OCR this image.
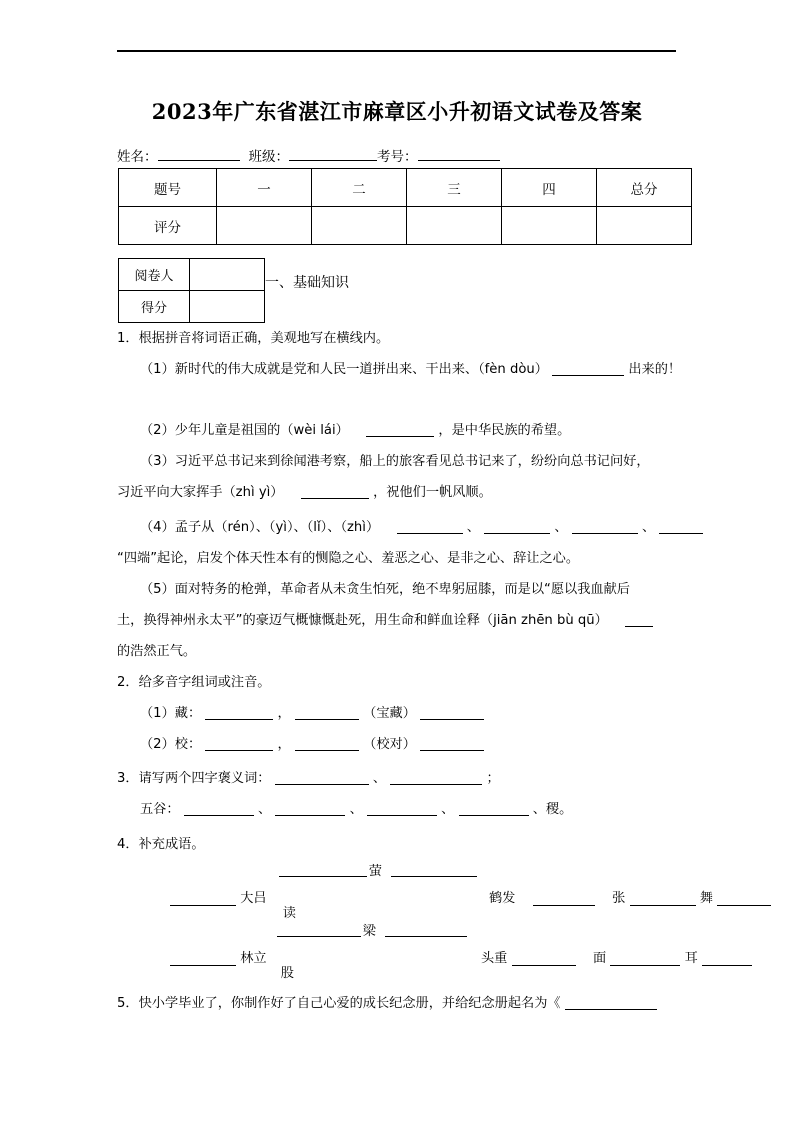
2023年广东省湛江市麻章区小升初语文试卷及答案
姓名：	班级：	考号：
题号	一	二	三	四	总分
评分					
阅卷人	
得分	
一、基础知识
1．根据拼音将词语正确，美观地写在横线内。
（1）新时代的伟大成就是党和人民一道拼出来、干出来、（fèn dòu）	出来的！
（2）少年儿童是祖国的（wèi lái）	，是中华民族的希望。
（3）习近平总书记来到徐闻港考察，船上的旅客看见总书记来了，纷纷向总书记问好，
习近平向大家挥手（zhì yì）	，祝他们一帆风顺。
（4）孟子从（rén）、（yì）、（lǐ）、（zhì）	、	、	、
“四端”起论，启发个体天性本有的恻隐之心、羞恶之心、是非之心、辞让之心。
（5）面对特务的枪弹，革命者从未贪生怕死，绝不卑躬屈膝，而是以“愿以我血献后
土，换得神州永太平”的豪迈气概慷慨赴死，用生命和鲜血诠释（jiān zhēn bù qū）
的浩然正气。
2．给多音字组词或注音。
（1）藏：	，	（宝藏）
（2）校：	，	（校对）
3．请写两个四字褒义词：	、	；
五谷：	、	、	、	、稷。
4．补充成语。
大吕
萤
读
鹤发	张	舞
林立
梁
股
头重	面	耳
5．快小学毕业了，你制作好了自己心爱的成长纪念册，并给纪念册起名为《
